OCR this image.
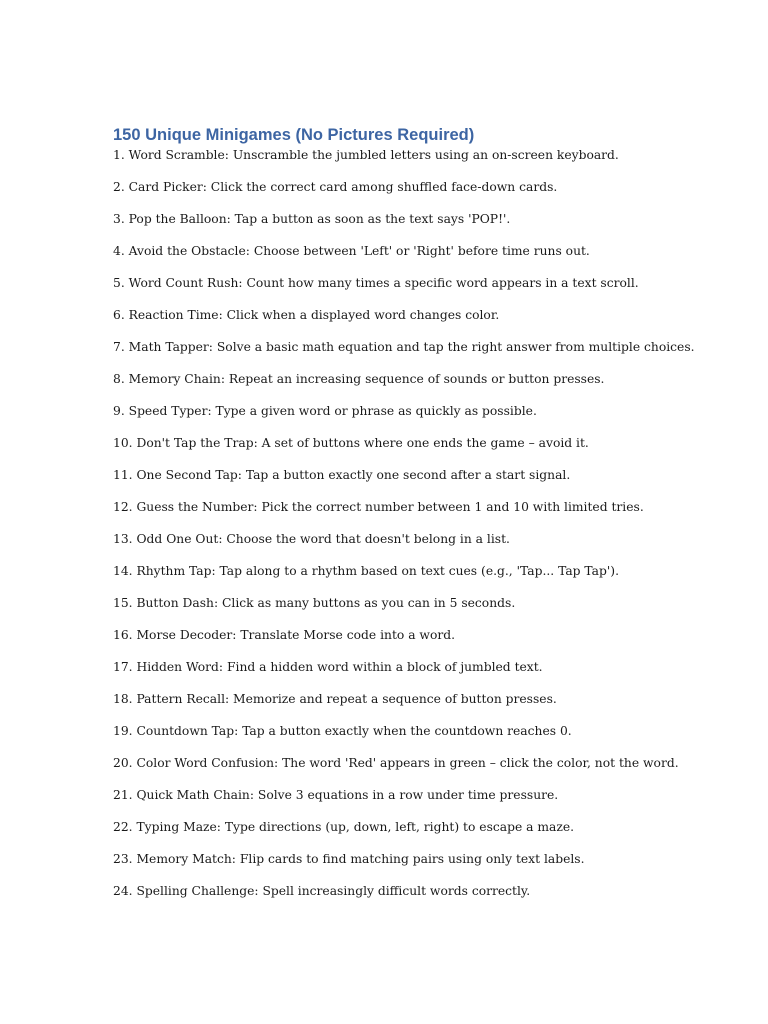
150 Unique Minigames (No Pictures Required)
1. Word Scramble: Unscramble the jumbled letters using an on-screen keyboard.
2. Card Picker: Click the correct card among shuffled face-down cards.
3. Pop the Balloon: Tap a button as soon as the text says 'POP!'.
4. Avoid the Obstacle: Choose between 'Left' or 'Right' before time runs out.
5. Word Count Rush: Count how many times a specific word appears in a text scroll.
6. Reaction Time: Click when a displayed word changes color.
7. Math Tapper: Solve a basic math equation and tap the right answer from multiple choices.
8. Memory Chain: Repeat an increasing sequence of sounds or button presses.
9. Speed Typer: Type a given word or phrase as quickly as possible.
10. Don't Tap the Trap: A set of buttons where one ends the game – avoid it.
11. One Second Tap: Tap a button exactly one second after a start signal.
12. Guess the Number: Pick the correct number between 1 and 10 with limited tries.
13. Odd One Out: Choose the word that doesn't belong in a list.
14. Rhythm Tap: Tap along to a rhythm based on text cues (e.g., 'Tap... Tap Tap').
15. Button Dash: Click as many buttons as you can in 5 seconds.
16. Morse Decoder: Translate Morse code into a word.
17. Hidden Word: Find a hidden word within a block of jumbled text.
18. Pattern Recall: Memorize and repeat a sequence of button presses.
19. Countdown Tap: Tap a button exactly when the countdown reaches 0.
20. Color Word Confusion: The word 'Red' appears in green – click the color, not the word.
21. Quick Math Chain: Solve 3 equations in a row under time pressure.
22. Typing Maze: Type directions (up, down, left, right) to escape a maze.
23. Memory Match: Flip cards to find matching pairs using only text labels.
24. Spelling Challenge: Spell increasingly difficult words correctly.
